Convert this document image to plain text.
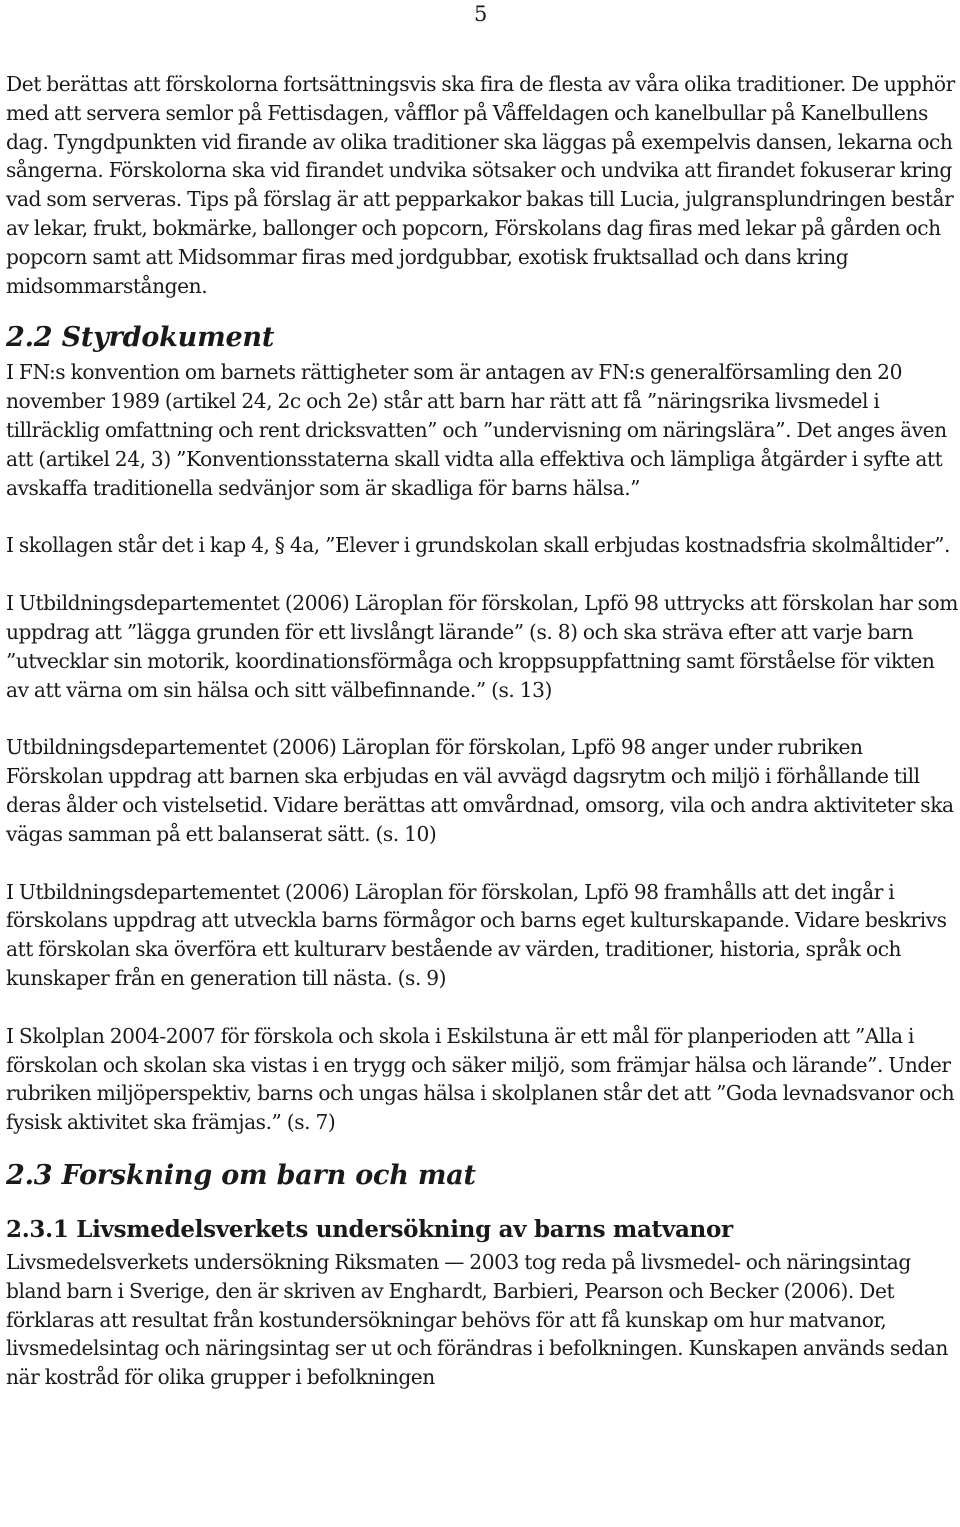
5

Det berättas att förskolorna fortsättningsvis ska fira de flesta av våra olika traditioner. De upphör med att servera semlor på Fettisdagen, våfflor på Våffeldagen och kanelbullar på Kanelbullens dag. Tyngdpunkten vid firande av olika traditioner ska läggas på exempelvis dansen, lekarna och sångerna. Förskolorna ska vid firandet undvika sötsaker och undvika att firandet fokuserar kring vad som serveras. Tips på förslag är att pepparkakor bakas till Lucia, julgransplundringen består av lekar, frukt, bokmärke, ballonger och popcorn, Förskolans dag firas med lekar på gården och popcorn samt att Midsommar firas med jordgubbar, exotisk fruktsallad och dans kring midsommarstången.

2.2 Styrdokument

I FN:s konvention om barnets rättigheter som är antagen av FN:s generalförsamling den 20 november 1989 (artikel 24, 2c och 2e) står att barn har rätt att få ”näringsrika livsmedel i tillräcklig omfattning och rent dricksvatten” och ”undervisning om näringslära”. Det anges även att (artikel 24, 3) ”Konventionsstaterna skall vidta alla effektiva och lämpliga åtgärder i syfte att avskaffa traditionella sedvänjor som är skadliga för barns hälsa.”

I skollagen står det i kap 4, § 4a, ”Elever i grundskolan skall erbjudas kostnadsfria skolmåltider”.

I Utbildningsdepartementet (2006) Läroplan för förskolan, Lpfö 98 uttrycks att förskolan har som uppdrag att ”lägga grunden för ett livslångt lärande” (s. 8) och ska sträva efter att varje barn ”utvecklar sin motorik, koordinationsförmåga och kroppsuppfattning samt förståelse för vikten av att värna om sin hälsa och sitt välbefinnande.” (s. 13)

Utbildningsdepartementet (2006) Läroplan för förskolan, Lpfö 98 anger under rubriken Förskolan uppdrag att barnen ska erbjudas en väl avvägd dagsrytm och miljö i förhållande till deras ålder och vistelsetid. Vidare berättas att omvårdnad, omsorg, vila och andra aktiviteter ska vägas samman på ett balanserat sätt. (s. 10)

I Utbildningsdepartementet (2006) Läroplan för förskolan, Lpfö 98 framhålls att det ingår i förskolans uppdrag att utveckla barns förmågor och barns eget kulturskapande. Vidare beskrivs att förskolan ska överföra ett kulturarv bestående av värden, traditioner, historia, språk och kunskaper från en generation till nästa. (s. 9)

I Skolplan 2004-2007 för förskola och skola i Eskilstuna är ett mål för planperioden att ”Alla i förskolan och skolan ska vistas i en trygg och säker miljö, som främjar hälsa och lärande”. Under rubriken miljöperspektiv, barns och ungas hälsa i skolplanen står det att ”Goda levnadsvanor och fysisk aktivitet ska främjas.” (s. 7)

2.3 Forskning om barn och mat
2.3.1 Livsmedelsverkets undersökning av barns matvanor

Livsmedelsverkets undersökning Riksmaten — 2003 tog reda på livsmedel- och näringsintag bland barn i Sverige, den är skriven av Enghardt, Barbieri, Pearson och Becker (2006). Det förklaras att resultat från kostundersökningar behövs för att få kunskap om hur matvanor, livsmedelsintag och näringsintag ser ut och förändras i befolkningen. Kunskapen används sedan när kostråd för olika grupper i befolkningen
